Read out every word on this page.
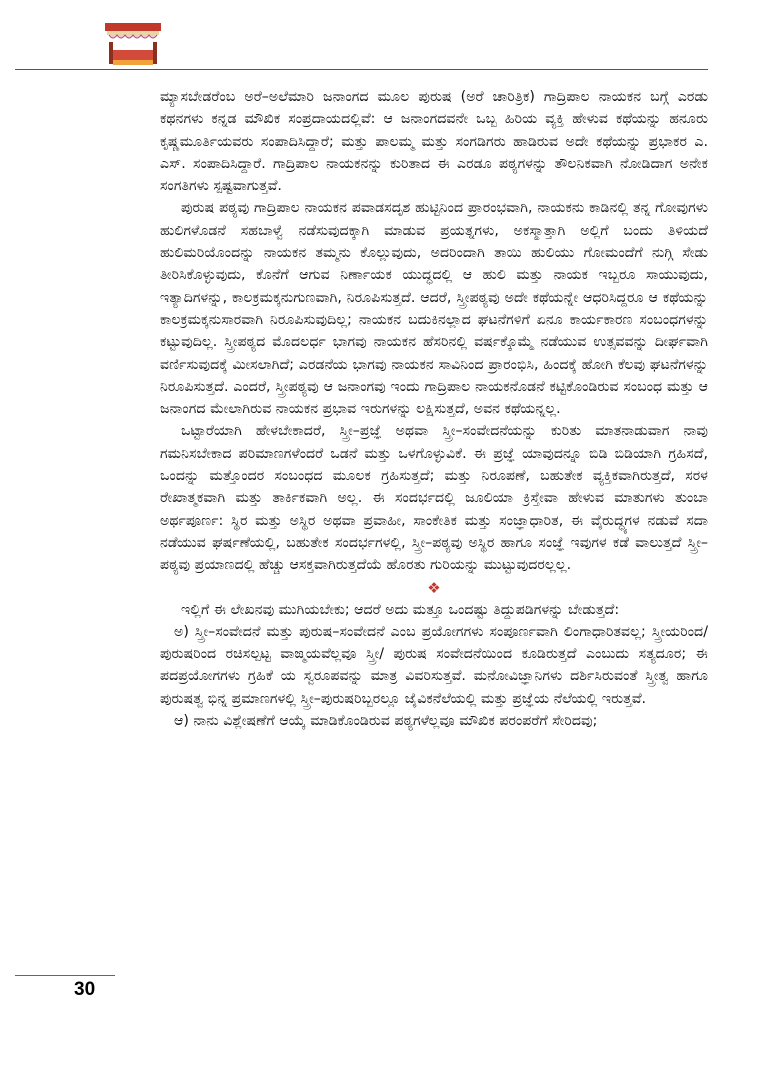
ಮ್ಯಾಸಬೇಡರೆಂಬ ಅರೆ–ಅಲೆಮಾರಿ ಜನಾಂಗದ ಮೂಲ ಪುರುಷ (ಅರೆ ಚಾರಿತ್ರಿಕ) ಗಾದ್ರಿಪಾಲ ನಾಯಕನ ಬಗ್ಗೆ ಎರಡು ಕಥನಗಳು ಕನ್ನಡ ಮೌಖಿಕ ಸಂಪ್ರದಾಯದಲ್ಲಿವೆ: ಆ ಜನಾಂಗದವನೇ ಒಬ್ಬ ಹಿರಿಯ ವ್ಯಕ್ತಿ ಹೇಳುವ ಕಥೆಯನ್ನು ಹನೂರು ಕೃಷ್ಣಮೂರ್ತಿಯವರು ಸಂಪಾದಿಸಿದ್ದಾರೆ; ಮತ್ತು ಪಾಲಮ್ಮ ಮತ್ತು ಸಂಗಡಿಗರು ಹಾಡಿರುವ ಅದೇ ಕಥೆಯನ್ನು ಪ್ರಭಾಕರ ಎ. ಎಸ್. ಸಂಪಾದಿಸಿದ್ದಾರೆ. ಗಾದ್ರಿಪಾಲ ನಾಯಕನನ್ನು ಕುರಿತಾದ ಈ ಎರಡೂ ಪಠ್ಯಗಳನ್ನು ತೌಲನಿಕವಾಗಿ ನೋಡಿದಾಗ ಅನೇಕ ಸಂಗತಿಗಳು ಸ್ಪಷ್ಟವಾಗುತ್ತವೆ.

ಪುರುಷ ಪಠ್ಯವು ಗಾದ್ರಿಪಾಲ ನಾಯಕನ ಪವಾಡಸದೃಶ ಹುಟ್ಟಿನಿಂದ ಪ್ರಾರಂಭವಾಗಿ, ನಾಯಕನು ಕಾಡಿನಲ್ಲಿ ತನ್ನ ಗೋವುಗಳು ಹುಲಿಗಳೊಡನೆ ಸಹಬಾಳ್ವೆ ನಡೆಸುವುದಕ್ಕಾಗಿ ಮಾಡುವ ಪ್ರಯತ್ನಗಳು, ಅಕಸ್ಮಾತ್ತಾಗಿ ಅಲ್ಲಿಗೆ ಬಂದು ತಿಳಿಯದೆ ಹುಲಿಮರಿಯೊಂದನ್ನು ನಾಯಕನ ತಮ್ಮನು ಕೊಲ್ಲುವುದು, ಅದರಿಂದಾಗಿ ತಾಯಿ ಹುಲಿಯು ಗೋಮಂದೆಗೆ ನುಗ್ಗಿ ಸೇಡು ತೀರಿಸಿಕೊಳ್ಳುವುದು, ಕೊನೆಗೆ ಆಗುವ ನಿರ್ಣಾಯಕ ಯುದ್ಧದಲ್ಲಿ ಆ ಹುಲಿ ಮತ್ತು ನಾಯಕ ಇಬ್ಬರೂ ಸಾಯುವುದು, ಇತ್ಯಾದಿಗಳನ್ನು, ಕಾಲಕ್ರಮಕ್ಕನುಗುಣವಾಗಿ, ನಿರೂಪಿಸುತ್ತದೆ. ಆದರೆ, ಸ್ತ್ರೀಪಠ್ಯವು ಅದೇ ಕಥೆಯನ್ನೇ ಆಧರಿಸಿದ್ದರೂ ಆ ಕಥೆಯನ್ನು ಕಾಲಕ್ರಮಕ್ಕನುಸಾರವಾಗಿ ನಿರೂಪಿಸುವುದಿಲ್ಲ; ನಾಯಕನ ಬದುಕಿನಲ್ಲಾದ ಘಟನೆಗಳಿಗೆ ಏನೂ ಕಾರ್ಯಕಾರಣ ಸಂಬಂಧಗಳನ್ನು ಕಟ್ಟುವುದಿಲ್ಲ. ಸ್ತ್ರೀಪಠ್ಯದ ಮೊದಲರ್ಧ ಭಾಗವು ನಾಯಕನ ಹೆಸರಿನಲ್ಲಿ ವರ್ಷಕ್ಕೊಮ್ಮೆ ನಡೆಯುವ ಉತ್ಸವವನ್ನು ದೀರ್ಘವಾಗಿ ವರ್ಣಿಸುವುದಕ್ಕೆ ಮೀಸಲಾಗಿದೆ; ಎರಡನೆಯ ಭಾಗವು ನಾಯಕನ ಸಾವಿನಿಂದ ಪ್ರಾರಂಭಿಸಿ, ಹಿಂದಕ್ಕೆ ಹೋಗಿ ಕೆಲವು ಘಟನೆಗಳನ್ನು ನಿರೂಪಿಸುತ್ತದೆ. ಎಂದರೆ, ಸ್ತ್ರೀಪಠ್ಯವು ಆ ಜನಾಂಗವು ಇಂದು ಗಾದ್ರಿಪಾಲ ನಾಯಕನೊಡನೆ ಕಟ್ಟಿಕೊಂಡಿರುವ ಸಂಬಂಧ ಮತ್ತು ಆ ಜನಾಂಗದ ಮೇಲಾಗಿರುವ ನಾಯಕನ ಪ್ರಭಾವ ಇರುಗಳನ್ನು ಲಕ್ಷಿಸುತ್ತದೆ, ಅವನ ಕಥೆಯನ್ನಲ್ಲ.

ಒಟ್ಟಾರೆಯಾಗಿ ಹೇಳಬೇಕಾದರೆ, ಸ್ತ್ರೀ–ಪ್ರಜ್ಞೆ ಅಥವಾ ಸ್ತ್ರೀ–ಸಂವೇದನೆಯನ್ನು ಕುರಿತು ಮಾತನಾಡುವಾಗ ನಾವು ಗಮನಿಸಬೇಕಾದ ಪರಿಮಾಣಗಳೆಂದರೆ ಒಡನೆ ಮತ್ತು ಒಳಗೊಳ್ಳುವಿಕೆ. ಈ ಪ್ರಜ್ಞೆ ಯಾವುದನ್ನೂ ಬಿಡಿ ಬಿಡಿಯಾಗಿ ಗ್ರಹಿಸದೆ, ಒಂದನ್ನು ಮತ್ತೊಂದರ ಸಂಬಂಧದ ಮೂಲಕ ಗ್ರಹಿಸುತ್ತದೆ; ಮತ್ತು ನಿರೂಪಣೆ, ಬಹುತೇಕ ವ್ಯಕ್ತಿಕವಾಗಿರುತ್ತದೆ, ಸರಳ ರೇಖಾತ್ಮಕವಾಗಿ ಮತ್ತು ತಾರ್ಕಿಕವಾಗಿ ಅಲ್ಲ. ಈ ಸಂದರ್ಭದಲ್ಲಿ ಜೂಲಿಯಾ ಕ್ರಿಸ್ತೇವಾ ಹೇಳುವ ಮಾತುಗಳು ತುಂಬಾ ಅರ್ಥಪೂರ್ಣ: ಸ್ಥಿರ ಮತ್ತು ಅಸ್ಥಿರ ಅಥವಾ ಪ್ರವಾಹೀ, ಸಾಂಕೇತಿಕ ಮತ್ತು ಸಂಜ್ಞಾಧಾರಿತ, ಈ ವೈರುದ್ಧ್ಯಗಳ ನಡುವೆ ಸದಾ ನಡೆಯುವ ಘರ್ಷಣೆಯಲ್ಲಿ, ಬಹುತೇಕ ಸಂದರ್ಭಗಳಲ್ಲಿ, ಸ್ತ್ರೀ–ಪಠ್ಯವು ಅಸ್ಥಿರ ಹಾಗೂ ಸಂಜ್ಞೆ ಇವುಗಳ ಕಡೆ ವಾಲುತ್ತದೆ ಸ್ತ್ರೀ–ಪಠ್ಯವು ಪ್ರಯಾಣದಲ್ಲಿ ಹೆಚ್ಚು ಆಸಕ್ತವಾಗಿರುತ್ತದೆಯೆ ಹೊರತು ಗುರಿಯನ್ನು ಮುಟ್ಟುವುದರಲ್ಲಲ್ಲ.

❖

ಇಲ್ಲಿಗೆ ಈ ಲೇಖನವು ಮುಗಿಯಬೇಕು; ಆದರೆ ಅದು ಮತ್ತೂ ಒಂದಷ್ಟು ತಿದ್ದುಪಡಿಗಳನ್ನು ಬೇಡುತ್ತದೆ:

ಅ) ಸ್ತ್ರೀ–ಸಂವೇದನೆ ಮತ್ತು ಪುರುಷ–ಸಂವೇದನೆ ಎಂಬ ಪ್ರಯೋಗಗಳು ಸಂಪೂರ್ಣವಾಗಿ ಲಿಂಗಾಧಾರಿತವಲ್ಲ; ಸ್ತ್ರೀಯರಿಂದ/ ಪುರುಷರಿಂದ ರಚಿಸಲ್ಪಟ್ಟ ವಾಙ್ಮಯವೆಲ್ಲವೂ ಸ್ತ್ರೀ/ ಪುರುಷ ಸಂವೇದನೆಯಿಂದ ಕೂಡಿರುತ್ತದೆ ಎಂಬುದು ಸತ್ಯದೂರ; ಈ ಪದಪ್ರಯೋಗಗಳು ಗ್ರಹಿಕೆ ಯ ಸ್ವರೂಪವನ್ನು ಮಾತ್ರ ವಿವರಿಸುತ್ತವೆ. ಮನೋವಿಜ್ಞಾನಿಗಳು ದರ್ಶಿಸಿರುವಂತೆ ಸ್ತ್ರೀತ್ವ ಹಾಗೂ ಪುರುಷತ್ವ ಭಿನ್ನ ಪ್ರಮಾಣಗಳಲ್ಲಿ ಸ್ತ್ರೀ–ಪುರುಷರಿಬ್ಬರಲ್ಲೂ ಜೈವಿಕನೆಲೆಯಲ್ಲಿ ಮತ್ತು ಪ್ರಜ್ಞೆಯ ನೆಲೆಯಲ್ಲಿ ಇರುತ್ತವೆ.

ಆ) ನಾನು ವಿಶ್ಲೇಷಣೆಗೆ ಆಯ್ಕೆ ಮಾಡಿಕೊಂಡಿರುವ ಪಠ್ಯಗಳೆಲ್ಲವೂ ಮೌಖಿಕ ಪರಂಪರೆಗೆ ಸೇರಿದವು;

30
